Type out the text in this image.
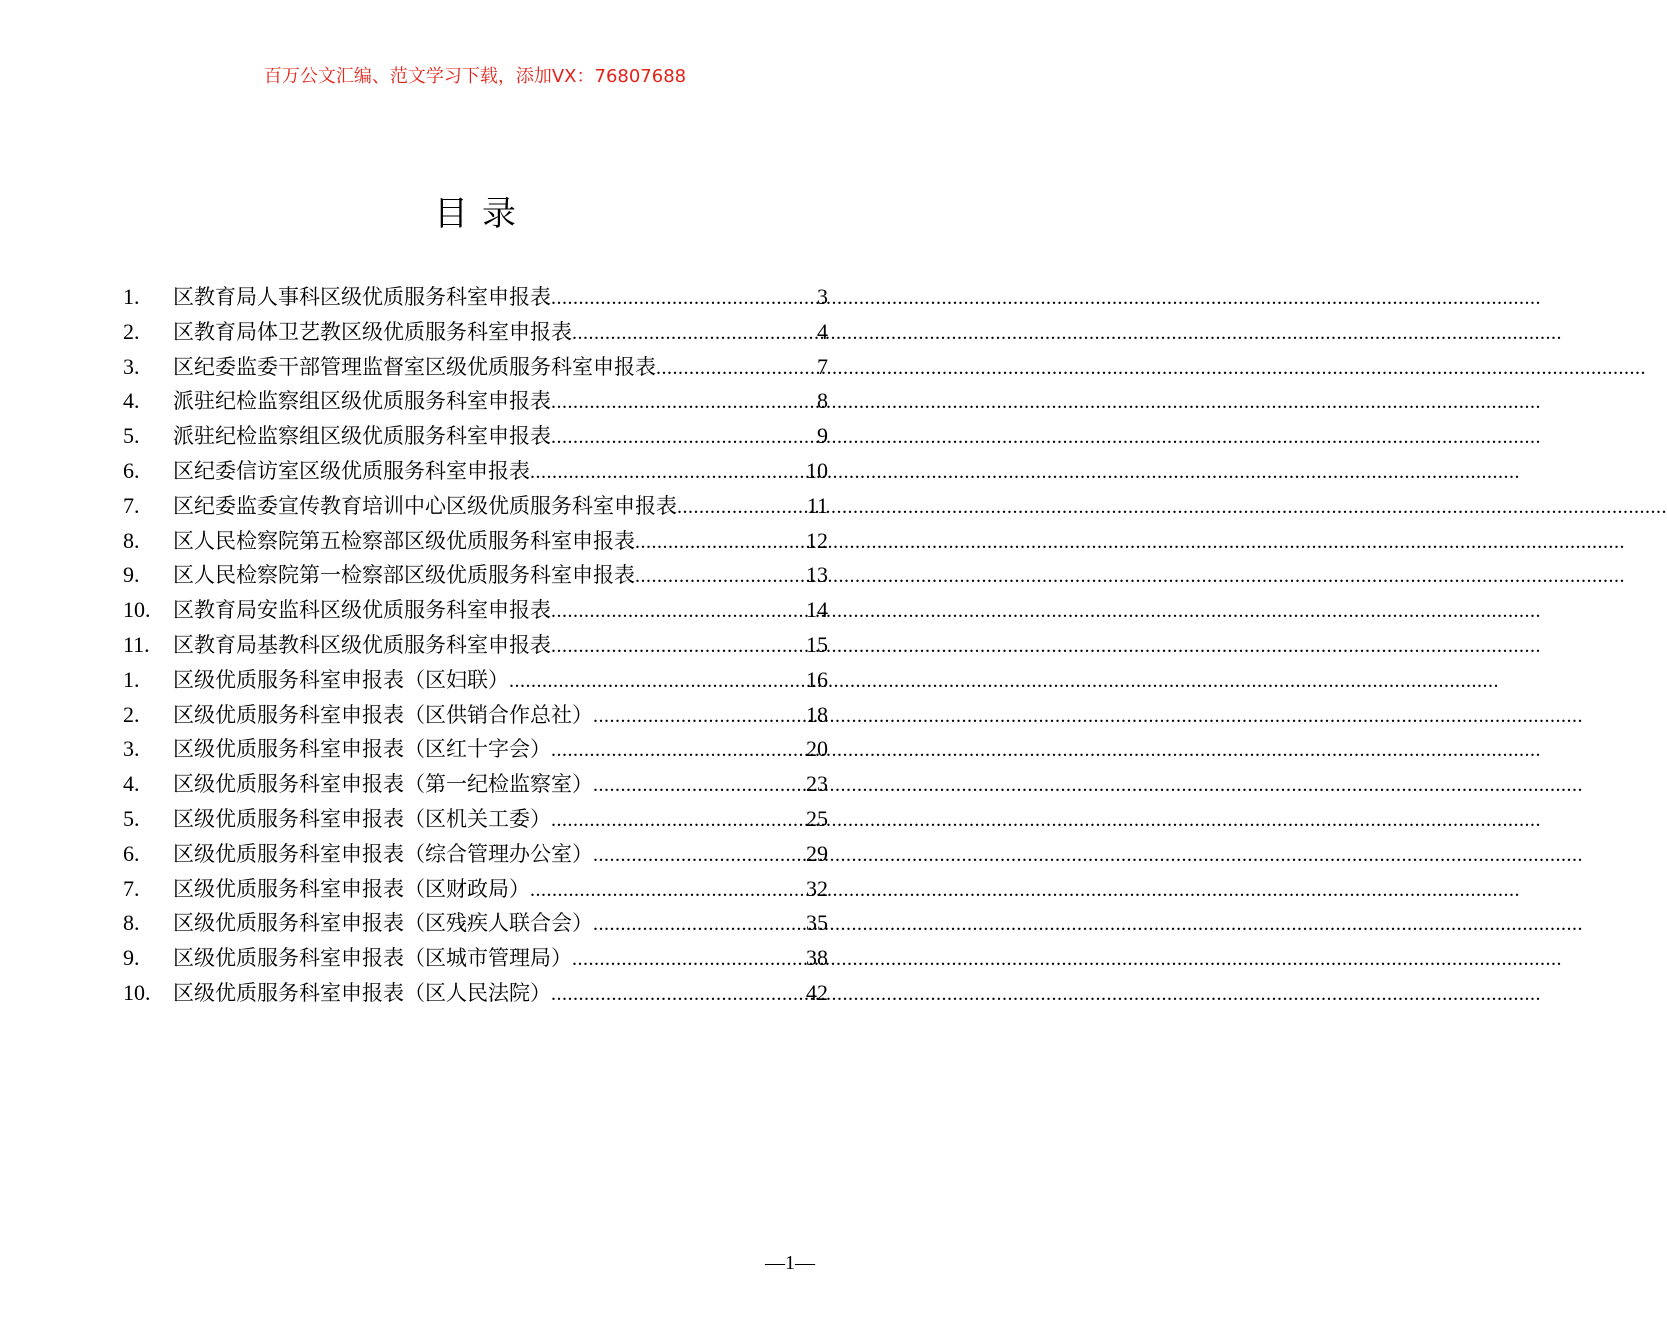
百万公文汇编、范文学习下载，添加VX：76807688
目录
1.	区教育局人事科区级优质服务科室申报表 .....	3
2.	区教育局体卫艺教区级优质服务科室申报表 .....	4
3.	区纪委监委干部管理监督室区级优质服务科室申报表 .....	7
4.	派驻纪检监察组区级优质服务科室申报表 .....	8
5.	派驻纪检监察组区级优质服务科室申报表 .....	9
6.	区纪委信访室区级优质服务科室申报表 .....	10
7.	区纪委监委宣传教育培训中心区级优质服务科室申报表 .....	11
8.	区人民检察院第五检察部区级优质服务科室申报表 .....	12
9.	区人民检察院第一检察部区级优质服务科室申报表 .....	13
10.	区教育局安监科区级优质服务科室申报表 .....	14
11.	区教育局基教科区级优质服务科室申报表 .....	15
1.	区级优质服务科室申报表（区妇联） .....	16
2.	区级优质服务科室申报表（区供销合作总社） .....	18
3.	区级优质服务科室申报表（区红十字会） .....	20
4.	区级优质服务科室申报表（第一纪检监察室） .....	23
5.	区级优质服务科室申报表（区机关工委） .....	25
6.	区级优质服务科室申报表（综合管理办公室） .....	29
7.	区级优质服务科室申报表（区财政局） .....	32
8.	区级优质服务科室申报表（区残疾人联合会） .....	35
9.	区级优质服务科室申报表（区城市管理局） .....	38
10.	区级优质服务科室申报表（区人民法院） .....	42
—1—
